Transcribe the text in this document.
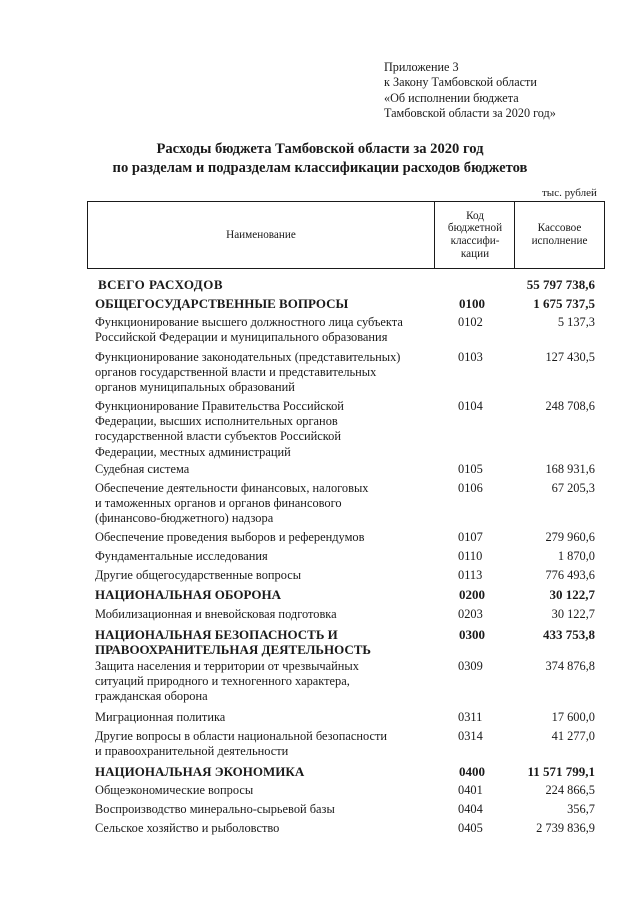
Приложение 3
к Закону Тамбовской области
«Об исполнении бюджета
Тамбовской области за 2020 год»
Расходы бюджета Тамбовской области за 2020 год
по разделам и подразделам классификации расходов бюджетов
тыс. рублей
Наименование
Код
бюджетной
классифи-
кации
Кассовое
исполнение
ВСЕГО РАСХОДОВ	55 797 738,6
ОБЩЕГОСУДАРСТВЕННЫЕ ВОПРОСЫ	0100	1 675 737,5
Функционирование высшего должностного лица субъекта
Российской Федерации и муниципального образования
0102	5 137,3
Функционирование законодательных (представительных)
органов государственной власти и представительных
органов муниципальных образований
0103	127 430,5
Функционирование Правительства Российской
Федерации, высших исполнительных органов
государственной власти субъектов Российской
Федерации, местных администраций
0104	248 708,6
Судебная система	0105	168 931,6
Обеспечение деятельности финансовых, налоговых
и таможенных органов и органов финансового
(финансово-бюджетного) надзора
0106	67 205,3
Обеспечение проведения выборов и референдумов	0107	279 960,6
Фундаментальные исследования	0110	1 870,0
Другие общегосударственные вопросы	0113	776 493,6
НАЦИОНАЛЬНАЯ ОБОРОНА	0200	30 122,7
Мобилизационная и вневойсковая подготовка	0203	30 122,7
НАЦИОНАЛЬНАЯ БЕЗОПАСНОСТЬ И
ПРАВООХРАНИТЕЛЬНАЯ ДЕЯТЕЛЬНОСТЬ
0300	433 753,8
Защита населения и территории от чрезвычайных
ситуаций природного и техногенного характера,
гражданская оборона
0309	374 876,8
Миграционная политика	0311	17 600,0
Другие вопросы в области национальной безопасности
и правоохранительной деятельности
0314	41 277,0
НАЦИОНАЛЬНАЯ ЭКОНОМИКА	0400	11 571 799,1
Общеэкономические вопросы	0401	224 866,5
Воспроизводство минерально-сырьевой базы	0404	356,7
Сельское хозяйство и рыболовство	0405	2 739 836,9
